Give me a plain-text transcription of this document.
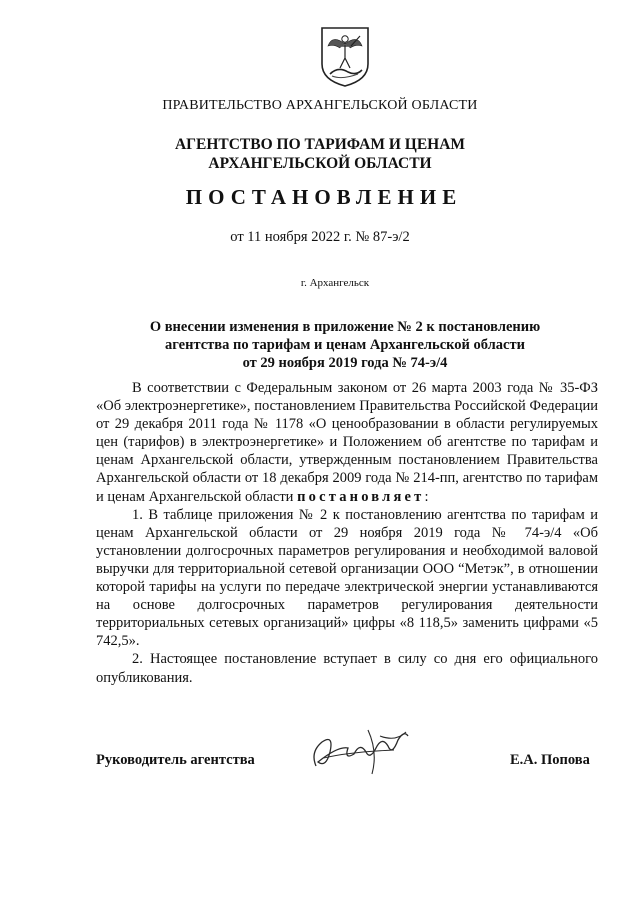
ПРАВИТЕЛЬСТВО АРХАНГЕЛЬСКОЙ ОБЛАСТИ
АГЕНТСТВО ПО ТАРИФАМ И ЦЕНАМ
АРХАНГЕЛЬСКОЙ ОБЛАСТИ
ПОСТАНОВЛЕНИЕ
от 11 ноября 2022 г. № 87-э/2
г. Архангельск
О внесении изменения в приложение № 2 к постановлению
агентства по тарифам и ценам Архангельской области
от 29 ноября 2019 года № 74-э/4

В соответствии с Федеральным законом от 26 марта 2003 года № 35-ФЗ «Об электроэнергетике», постановлением Правительства Российской Федерации от 29 декабря 2011 года № 1178 «О ценообразовании в области регулируемых цен (тарифов) в электроэнергетике» и Положением об агентстве по тарифам и ценам Архангельской области, утвержденным постановлением Правительства Архангельской области от 18 декабря 2009 года № 214-пп, агентство по тарифам и ценам Архангельской области постановляет:

1. В таблице приложения № 2 к постановлению агентства по тарифам и ценам Архангельской области от 29 ноября 2019 года № 74-э/4 «Об установлении долгосрочных параметров регулирования и необходимой валовой выручки для территориальной сетевой организации ООО “Метэк”, в отношении которой тарифы на услуги по передаче электрической энергии устанавливаются на основе долгосрочных параметров регулирования деятельности территориальных сетевых организаций» цифры «8 118,5» заменить цифрами «5 742,5».

2. Настоящее постановление вступает в силу со дня его официального опубликования.

Руководитель агентства	Е.А. Попова
